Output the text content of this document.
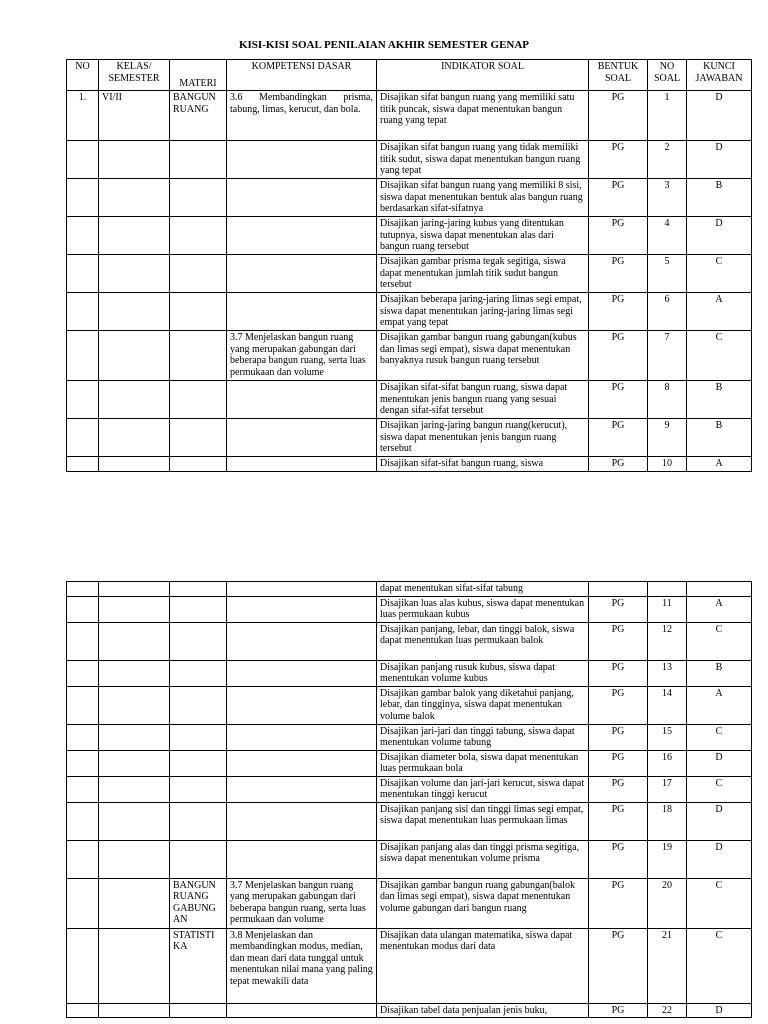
KISI-KISI SOAL PENILAIAN AKHIR SEMESTER GENAP
NO	KELAS/ SEMESTER	MATERI	KOMPETENSI DASAR	INDIKATOR SOAL	BENTUK SOAL	NO SOAL	KUNCI JAWABAN
1.	VI/II	BANGUN RUANG	3.6 Membandingkan prisma, tabung, limas, kerucut, dan bola.	Disajikan sifat bangun ruang yang memiliki satu titik puncak, siswa dapat menentukan bangun ruang yang tepat	PG	1	D
				Disajikan sifat bangun ruang yang tidak memiliki titik sudut, siswa dapat menentukan bangun ruang yang tepat	PG	2	D
				Disajikan sifat bangun ruang yang memiliki 8 sisi, siswa dapat menentukan bentuk alas bangun ruang berdasarkan sifat-sifatnya	PG	3	B
				Disajikan jaring-jaring kubus yang ditentukan tutupnya, siswa dapat menentukan alas dari bangun ruang tersebut	PG	4	D
				Disajikan gambar prisma tegak segitiga, siswa dapat menentukan jumlah titik sudut bangun tersebut	PG	5	C
				Disajikan beberapa jaring-jaring limas segi empat, siswa dapat menentukan jaring-jaring limas segi empat yang tepat	PG	6	A
			3.7 Menjelaskan bangun ruang yang merupakan gabungan dari beberapa bangun ruang, serta luas permukaan dan volume	Disajikan gambar bangun ruang gabungan(kubus dan limas segi empat), siswa dapat menentukan banyaknya rusuk bangun ruang tersebut	PG	7	C
				Disajikan sifat-sifat bangun ruang, siswa dapat menentukan jenis bangun ruang yang sesuai dengan sifat-sifat tersebut	PG	8	B
				Disajikan jaring-jaring bangun ruang(kerucut), siswa dapat menentukan jenis bangun ruang tersebut	PG	9	B
				Disajikan sifat-sifat bangun ruang, siswa	PG	10	A
				dapat menentukan sifat-sifat tabung			
				Disajikan luas alas kubus, siswa dapat menentukan luas permukaan kubus	PG	11	A
				Disajikan panjang, lebar, dan tinggi balok, siswa dapat menentukan luas permukaan balok	PG	12	C
				Disajikan panjang rusuk kubus, siswa dapat menentukan volume kubus	PG	13	B
				Disajikan gambar balok yang diketahui panjang, lebar, dan tingginya, siswa dapat menentukan volume balok	PG	14	A
				Disajikan jari-jari dan tinggi tabung, siswa dapat menentukan volume tabung	PG	15	C
				Disajikan diameter bola, siswa dapat menentukan luas permukaan bola	PG	16	D
				Disajikan volume dan jari-jari kerucut, siswa dapat menentukan tinggi kerucut	PG	17	C
				Disajikan panjang sisi dan tinggi limas segi empat, siswa dapat menentukan luas permukaan limas	PG	18	D
				Disajikan panjang alas dan tinggi prisma segitiga, siswa dapat menentukan volume prisma	PG	19	D
		BANGUN RUANG GABUNG AN	3.7 Menjelaskan bangun ruang yang merupakan gabungan dari beberapa bangun ruang, serta luas permukaan dan volume	Disajikan gambar bangun ruang gabungan(balok dan limas segi empat), siswa dapat menentukan volume gabungan dari bangun ruang	PG	20	C
		STATISTI KA	3.8 Menjelaskan dan membandingkan modus, median, dan mean dari data tunggal untuk menentukan nilai mana yang paling tepat mewakili data	Disajikan data ulangan matematika, siswa dapat menentukan modus dari data	PG	21	C
				Disajikan tabel data penjualan jenis buku,	PG	22	D
